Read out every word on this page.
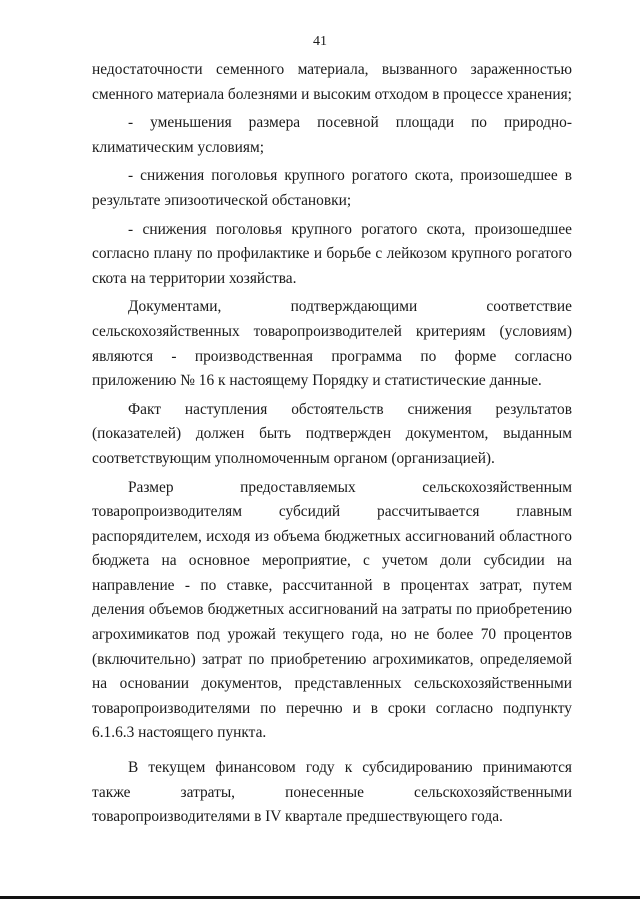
41

недостаточности семенного материала, вызванного зараженностью сменного материала болезнями и высоким отходом в процессе хранения;

- уменьшения размера посевной площади по природно-климатическим условиям;

- снижения поголовья крупного рогатого скота, произошедшее в результате эпизоотической обстановки;

- снижения поголовья крупного рогатого скота, произошедшее согласно плану по профилактике и борьбе с лейкозом крупного рогатого скота на территории хозяйства.

Документами, подтверждающими соответствие сельскохозяйственных товаропроизводителей критериям (условиям) являются - производственная программа по форме согласно приложению № 16 к настоящему Порядку и статистические данные.

Факт наступления обстоятельств снижения результатов (показателей) должен быть подтвержден документом, выданным соответствующим уполномоченным органом (организацией).

Размер предоставляемых сельскохозяйственным товаропроизводителям субсидий рассчитывается главным распорядителем, исходя из объема бюджетных ассигнований областного бюджета на основное мероприятие, с учетом доли субсидии на направление - по ставке, рассчитанной в процентах затрат, путем деления объемов бюджетных ассигнований на затраты по приобретению агрохимикатов под урожай текущего года, но не более 70 процентов (включительно) затрат по приобретению агрохимикатов, определяемой на основании документов, представленных сельскохозяйственными товаропроизводителями по перечню и в сроки согласно подпункту 6.1.6.3 настоящего пункта.

В текущем финансовом году к субсидированию принимаются также затраты, понесенные сельскохозяйственными товаропроизводителями в IV квартале предшествующего года.
